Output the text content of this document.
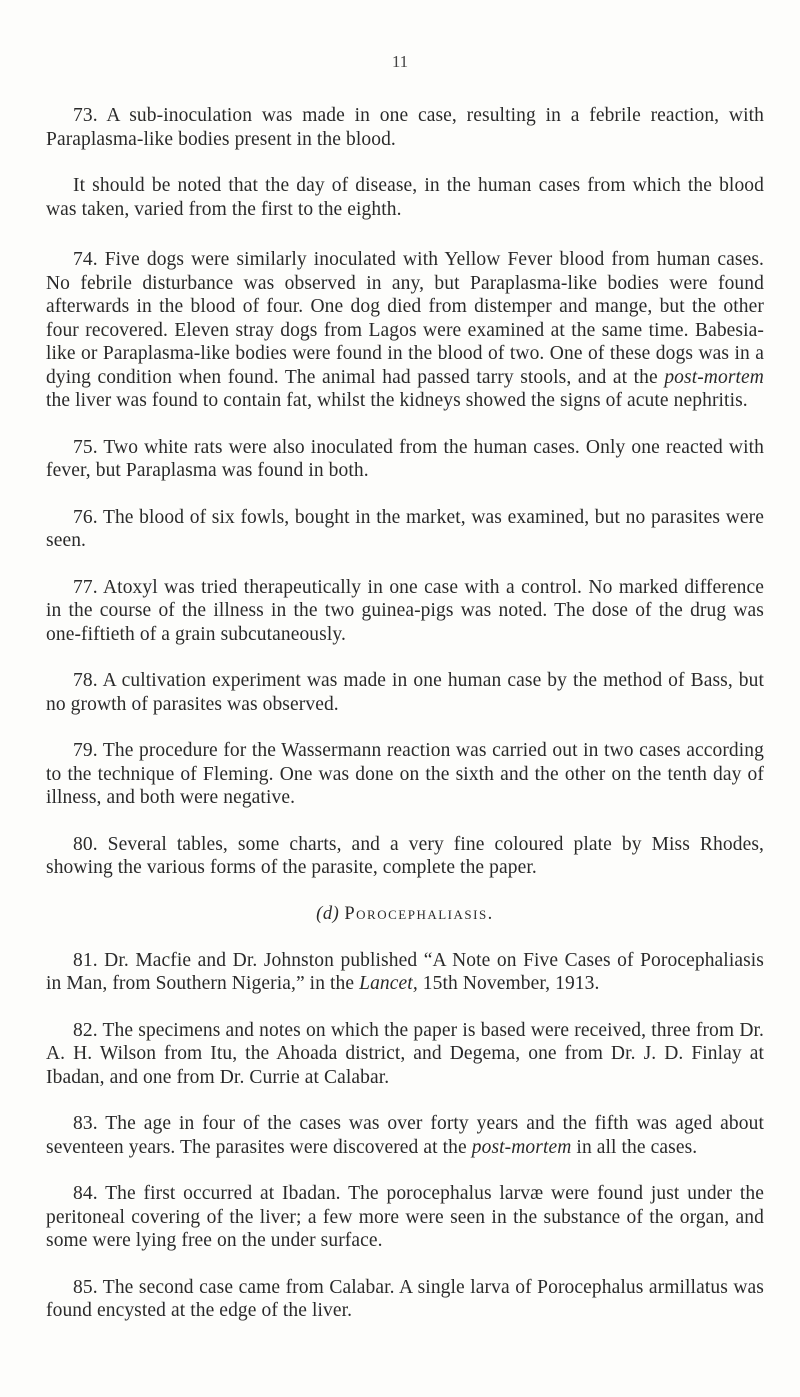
11

73. A sub-inoculation was made in one case, resulting in a febrile reaction, with Paraplasma-like bodies present in the blood.

It should be noted that the day of disease, in the human cases from which the blood was taken, varied from the first to the eighth.

74. Five dogs were similarly inoculated with Yellow Fever blood from human cases. No febrile disturbance was observed in any, but Paraplasma-like bodies were found afterwards in the blood of four. One dog died from distemper and mange, but the other four recovered. Eleven stray dogs from Lagos were examined at the same time. Babesia-like or Paraplasma-like bodies were found in the blood of two. One of these dogs was in a dying condition when found. The animal had passed tarry stools, and at the post-mortem the liver was found to contain fat, whilst the kidneys showed the signs of acute nephritis.

75. Two white rats were also inoculated from the human cases. Only one reacted with fever, but Paraplasma was found in both.

76. The blood of six fowls, bought in the market, was examined, but no parasites were seen.

77. Atoxyl was tried therapeutically in one case with a control. No marked difference in the course of the illness in the two guinea-pigs was noted. The dose of the drug was one-fiftieth of a grain subcutaneously.

78. A cultivation experiment was made in one human case by the method of Bass, but no growth of parasites was observed.

79. The procedure for the Wassermann reaction was carried out in two cases according to the technique of Fleming. One was done on the sixth and the other on the tenth day of illness, and both were negative.

80. Several tables, some charts, and a very fine coloured plate by Miss Rhodes, showing the various forms of the parasite, complete the paper.

(d) Porocephaliasis.

81. Dr. Macfie and Dr. Johnston published “A Note on Five Cases of Porocephaliasis in Man, from Southern Nigeria,” in the Lancet, 15th November, 1913.

82. The specimens and notes on which the paper is based were received, three from Dr. A. H. Wilson from Itu, the Ahoada district, and Degema, one from Dr. J. D. Finlay at Ibadan, and one from Dr. Currie at Calabar.

83. The age in four of the cases was over forty years and the fifth was aged about seventeen years. The parasites were discovered at the post-mortem in all the cases.

84. The first occurred at Ibadan. The porocephalus larvæ were found just under the peritoneal covering of the liver; a few more were seen in the substance of the organ, and some were lying free on the under surface.

85. The second case came from Calabar. A single larva of Porocephalus armillatus was found encysted at the edge of the liver.
